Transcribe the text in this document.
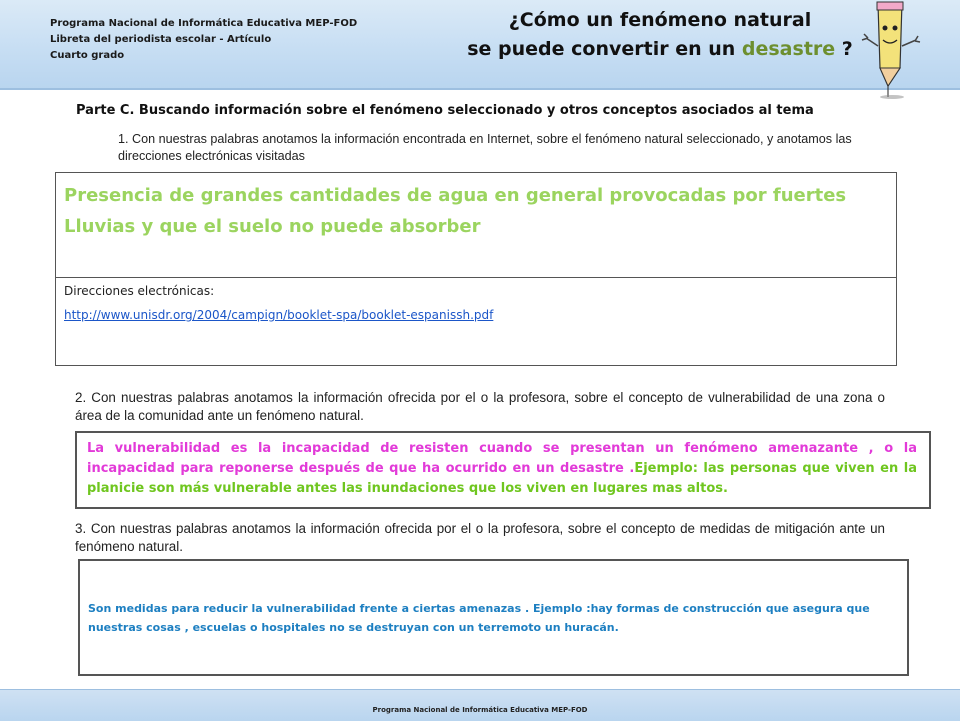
Programa Nacional de Informática Educativa MEP-FOD
Libreta del periodista escolar - Artículo
Cuarto grado
¿Cómo un fenómeno natural
se puede convertir en un desastre ?
Parte C. Buscando información sobre el fenómeno seleccionado y otros conceptos asociados al tema
1. Con nuestras palabras anotamos la información encontrada en Internet, sobre el fenómeno natural seleccionado, y anotamos las direcciones electrónicas visitadas
Presencia de grandes cantidades de agua en general provocadas por fuertes Lluvias y que el suelo no puede absorber
Direcciones electrónicas:
http://www.unisdr.org/2004/campign/booklet-spa/booklet-espanissh.pdf
2. Con nuestras palabras anotamos la información ofrecida por el o la profesora, sobre el concepto de vulnerabilidad de una zona o área de la comunidad ante un fenómeno natural.
La vulnerabilidad es la incapacidad de resisten cuando se presentan un fenómeno amenazante , o la incapacidad para reponerse después de que ha ocurrido en un desastre .Ejemplo: las personas que viven en la planicie son más vulnerable antes las inundaciones que los viven en lugares mas altos.
3. Con nuestras palabras anotamos la información ofrecida por el o la profesora, sobre el concepto de medidas de mitigación ante un fenómeno natural.
Son medidas para reducir la vulnerabilidad frente a ciertas amenazas . Ejemplo :hay formas de construcción que asegura que nuestras cosas , escuelas o hospitales no se destruyan con un terremoto un huracán.
Programa Nacional de Informática Educativa MEP-FOD
